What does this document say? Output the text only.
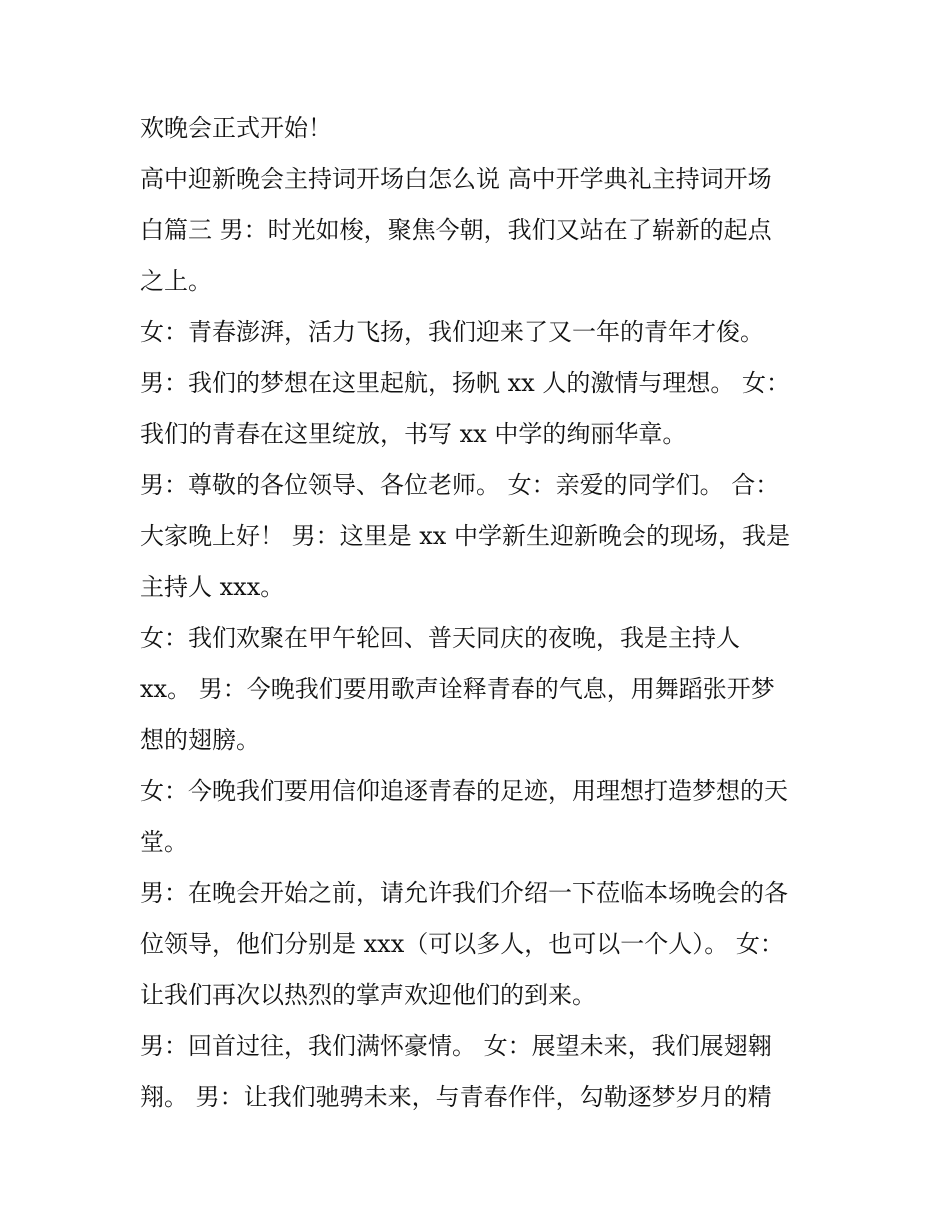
欢晚会正式开始！
高中迎新晚会主持词开场白怎么说 高中开学典礼主持词开场
白篇三 男：时光如梭，聚焦今朝，我们又站在了崭新的起点
之上。
女：青春澎湃，活力飞扬，我们迎来了又一年的青年才俊。
男：我们的梦想在这里起航，扬帆 xx 人的激情与理想。 女：
我们的青春在这里绽放，书写 xx 中学的绚丽华章。
男：尊敬的各位领导、各位老师。 女：亲爱的同学们。 合：
大家晚上好！ 男：这里是 xx 中学新生迎新晚会的现场，我是
主持人 xxx。
女：我们欢聚在甲午轮回、普天同庆的夜晚，我是主持人
xx。 男：今晚我们要用歌声诠释青春的气息，用舞蹈张开梦
想的翅膀。
女：今晚我们要用信仰追逐青春的足迹，用理想打造梦想的天
堂。
男：在晚会开始之前，请允许我们介绍一下莅临本场晚会的各
位领导，他们分别是 xxx（可以多人，也可以一个人）。 女：
让我们再次以热烈的掌声欢迎他们的到来。
男：回首过往，我们满怀豪情。 女：展望未来，我们展翅翱
翔。 男：让我们驰骋未来，与青春作伴，勾勒逐梦岁月的精
